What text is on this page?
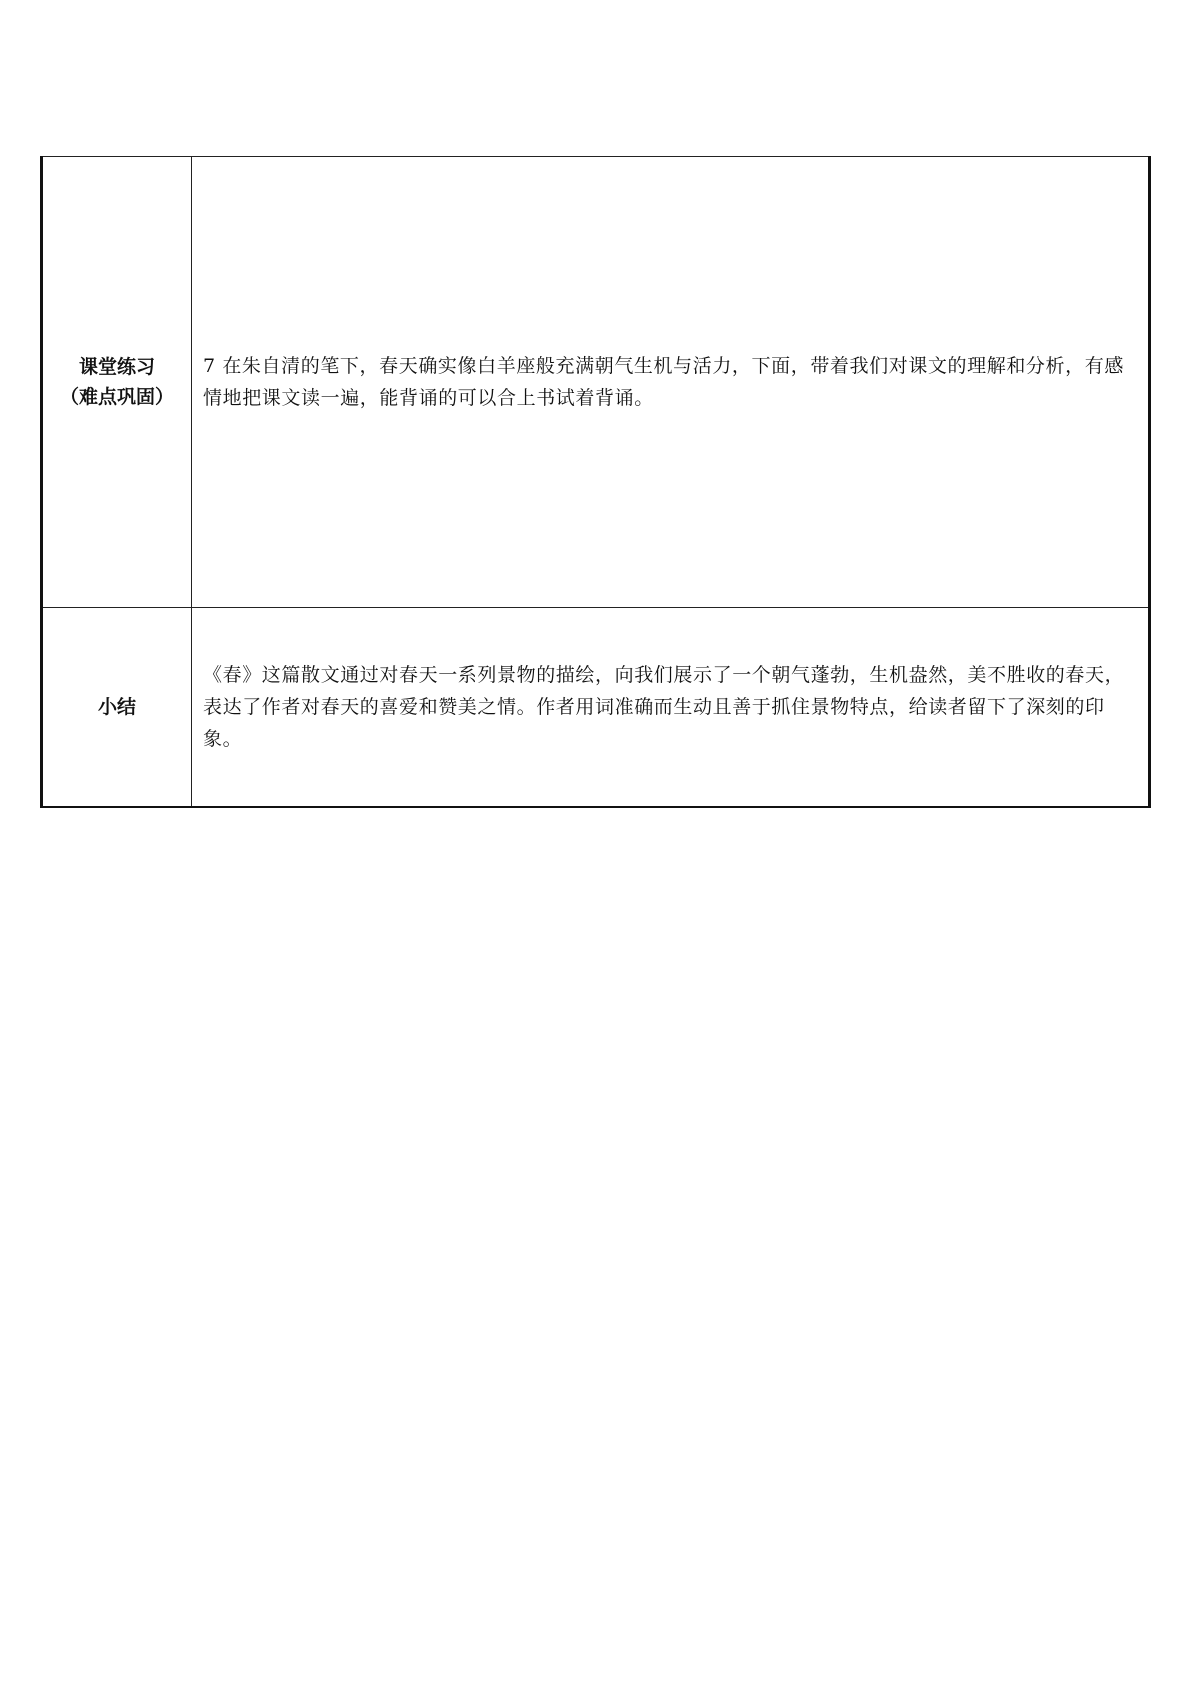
课堂练习
（难点巩固）	7 在朱自清的笔下，春天确实像白羊座般充满朝气生机与活力，下面，带着我们对课文的理解和分析，有感情地把课文读一遍，能背诵的可以合上书试着背诵。

小结	《春》这篇散文通过对春天一系列景物的描绘，向我们展示了一个朝气蓬勃，生机盎然，美不胜收的春天，表达了作者对春天的喜爱和赞美之情。作者用词准确而生动且善于抓住景物特点，给读者留下了深刻的印象。
